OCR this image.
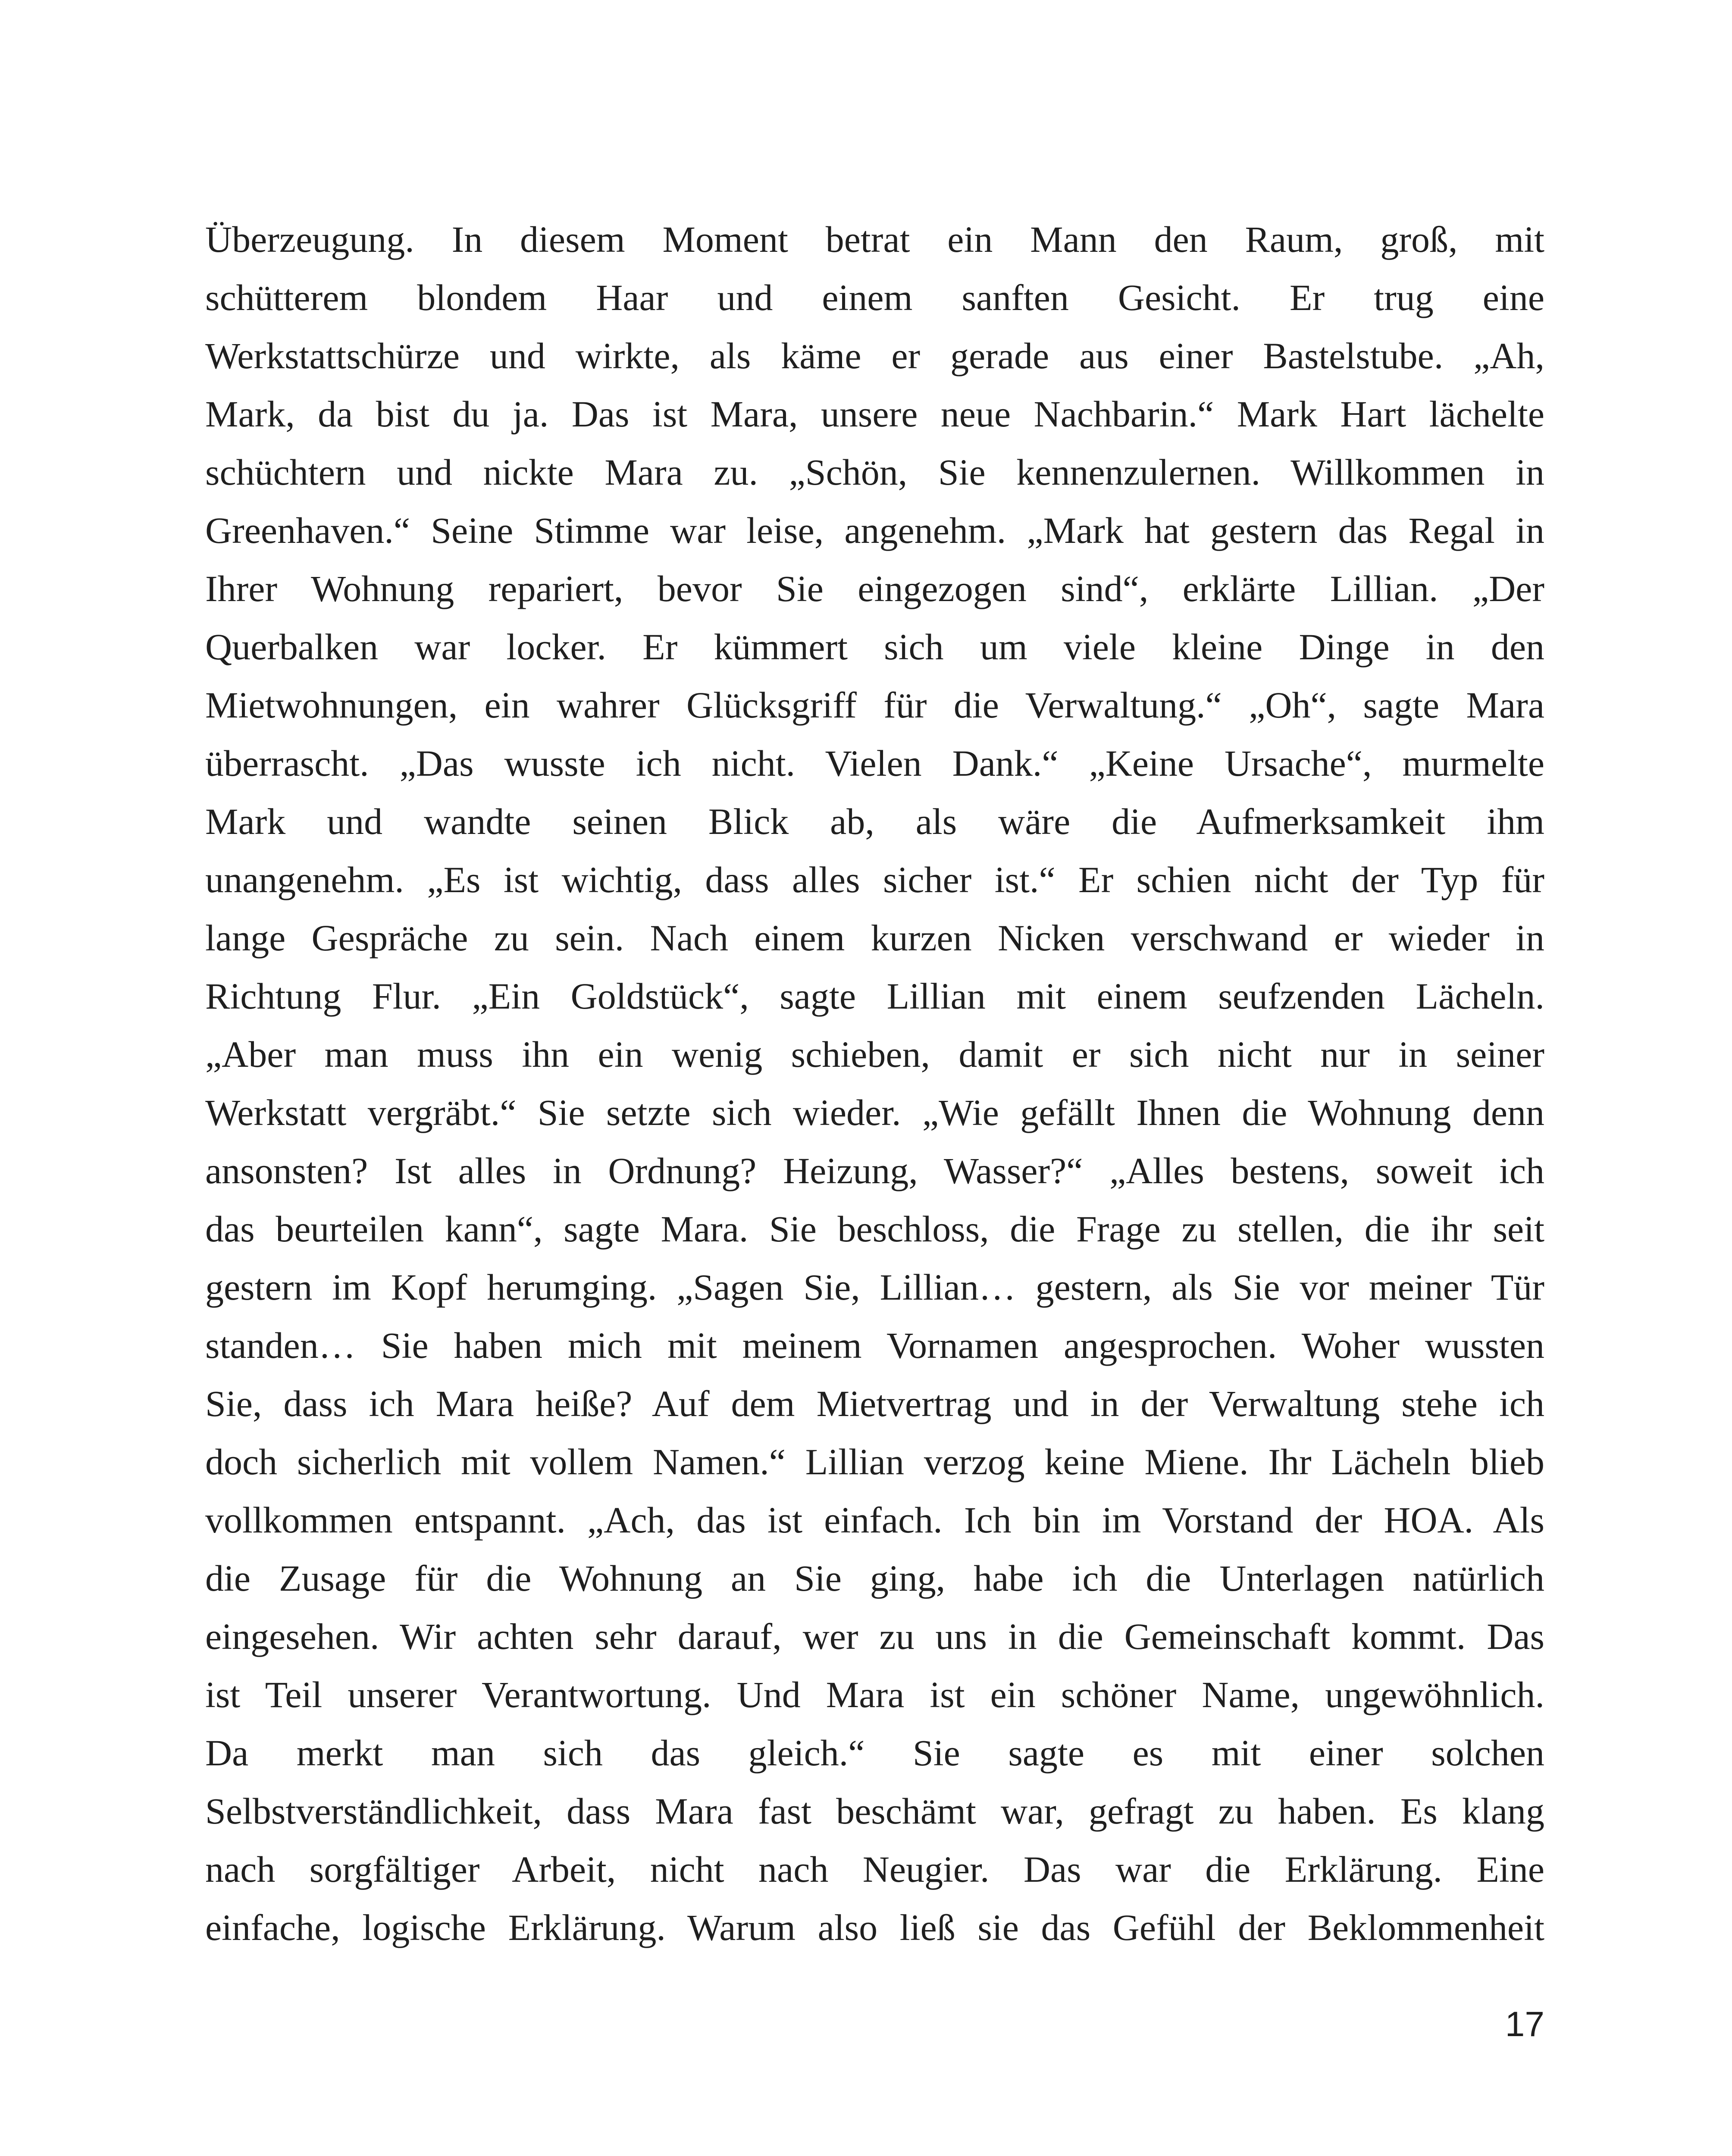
Überzeugung. In diesem Moment betrat ein Mann den Raum, groß, mit
schütterem blondem Haar und einem sanften Gesicht. Er trug eine
Werkstattschürze und wirkte, als käme er gerade aus einer Bastelstube. „Ah,
Mark, da bist du ja. Das ist Mara, unsere neue Nachbarin.“ Mark Hart lächelte
schüchtern und nickte Mara zu. „Schön, Sie kennenzulernen. Willkommen in
Greenhaven.“ Seine Stimme war leise, angenehm. „Mark hat gestern das Regal in
Ihrer Wohnung repariert, bevor Sie eingezogen sind“, erklärte Lillian. „Der
Querbalken war locker. Er kümmert sich um viele kleine Dinge in den
Mietwohnungen, ein wahrer Glücksgriff für die Verwaltung.“ „Oh“, sagte Mara
überrascht. „Das wusste ich nicht. Vielen Dank.“ „Keine Ursache“, murmelte
Mark und wandte seinen Blick ab, als wäre die Aufmerksamkeit ihm
unangenehm. „Es ist wichtig, dass alles sicher ist.“ Er schien nicht der Typ für
lange Gespräche zu sein. Nach einem kurzen Nicken verschwand er wieder in
Richtung Flur. „Ein Goldstück“, sagte Lillian mit einem seufzenden Lächeln.
„Aber man muss ihn ein wenig schieben, damit er sich nicht nur in seiner
Werkstatt vergräbt.“ Sie setzte sich wieder. „Wie gefällt Ihnen die Wohnung denn
ansonsten? Ist alles in Ordnung? Heizung, Wasser?“ „Alles bestens, soweit ich
das beurteilen kann“, sagte Mara. Sie beschloss, die Frage zu stellen, die ihr seit
gestern im Kopf herumging. „Sagen Sie, Lillian… gestern, als Sie vor meiner Tür
standen… Sie haben mich mit meinem Vornamen angesprochen. Woher wussten
Sie, dass ich Mara heiße? Auf dem Mietvertrag und in der Verwaltung stehe ich
doch sicherlich mit vollem Namen.“ Lillian verzog keine Miene. Ihr Lächeln blieb
vollkommen entspannt. „Ach, das ist einfach. Ich bin im Vorstand der HOA. Als
die Zusage für die Wohnung an Sie ging, habe ich die Unterlagen natürlich
eingesehen. Wir achten sehr darauf, wer zu uns in die Gemeinschaft kommt. Das
ist Teil unserer Verantwortung. Und Mara ist ein schöner Name, ungewöhnlich.
Da merkt man sich das gleich.“ Sie sagte es mit einer solchen
Selbstverständlichkeit, dass Mara fast beschämt war, gefragt zu haben. Es klang
nach sorgfältiger Arbeit, nicht nach Neugier. Das war die Erklärung. Eine
einfache, logische Erklärung. Warum also ließ sie das Gefühl der Beklommenheit
17
